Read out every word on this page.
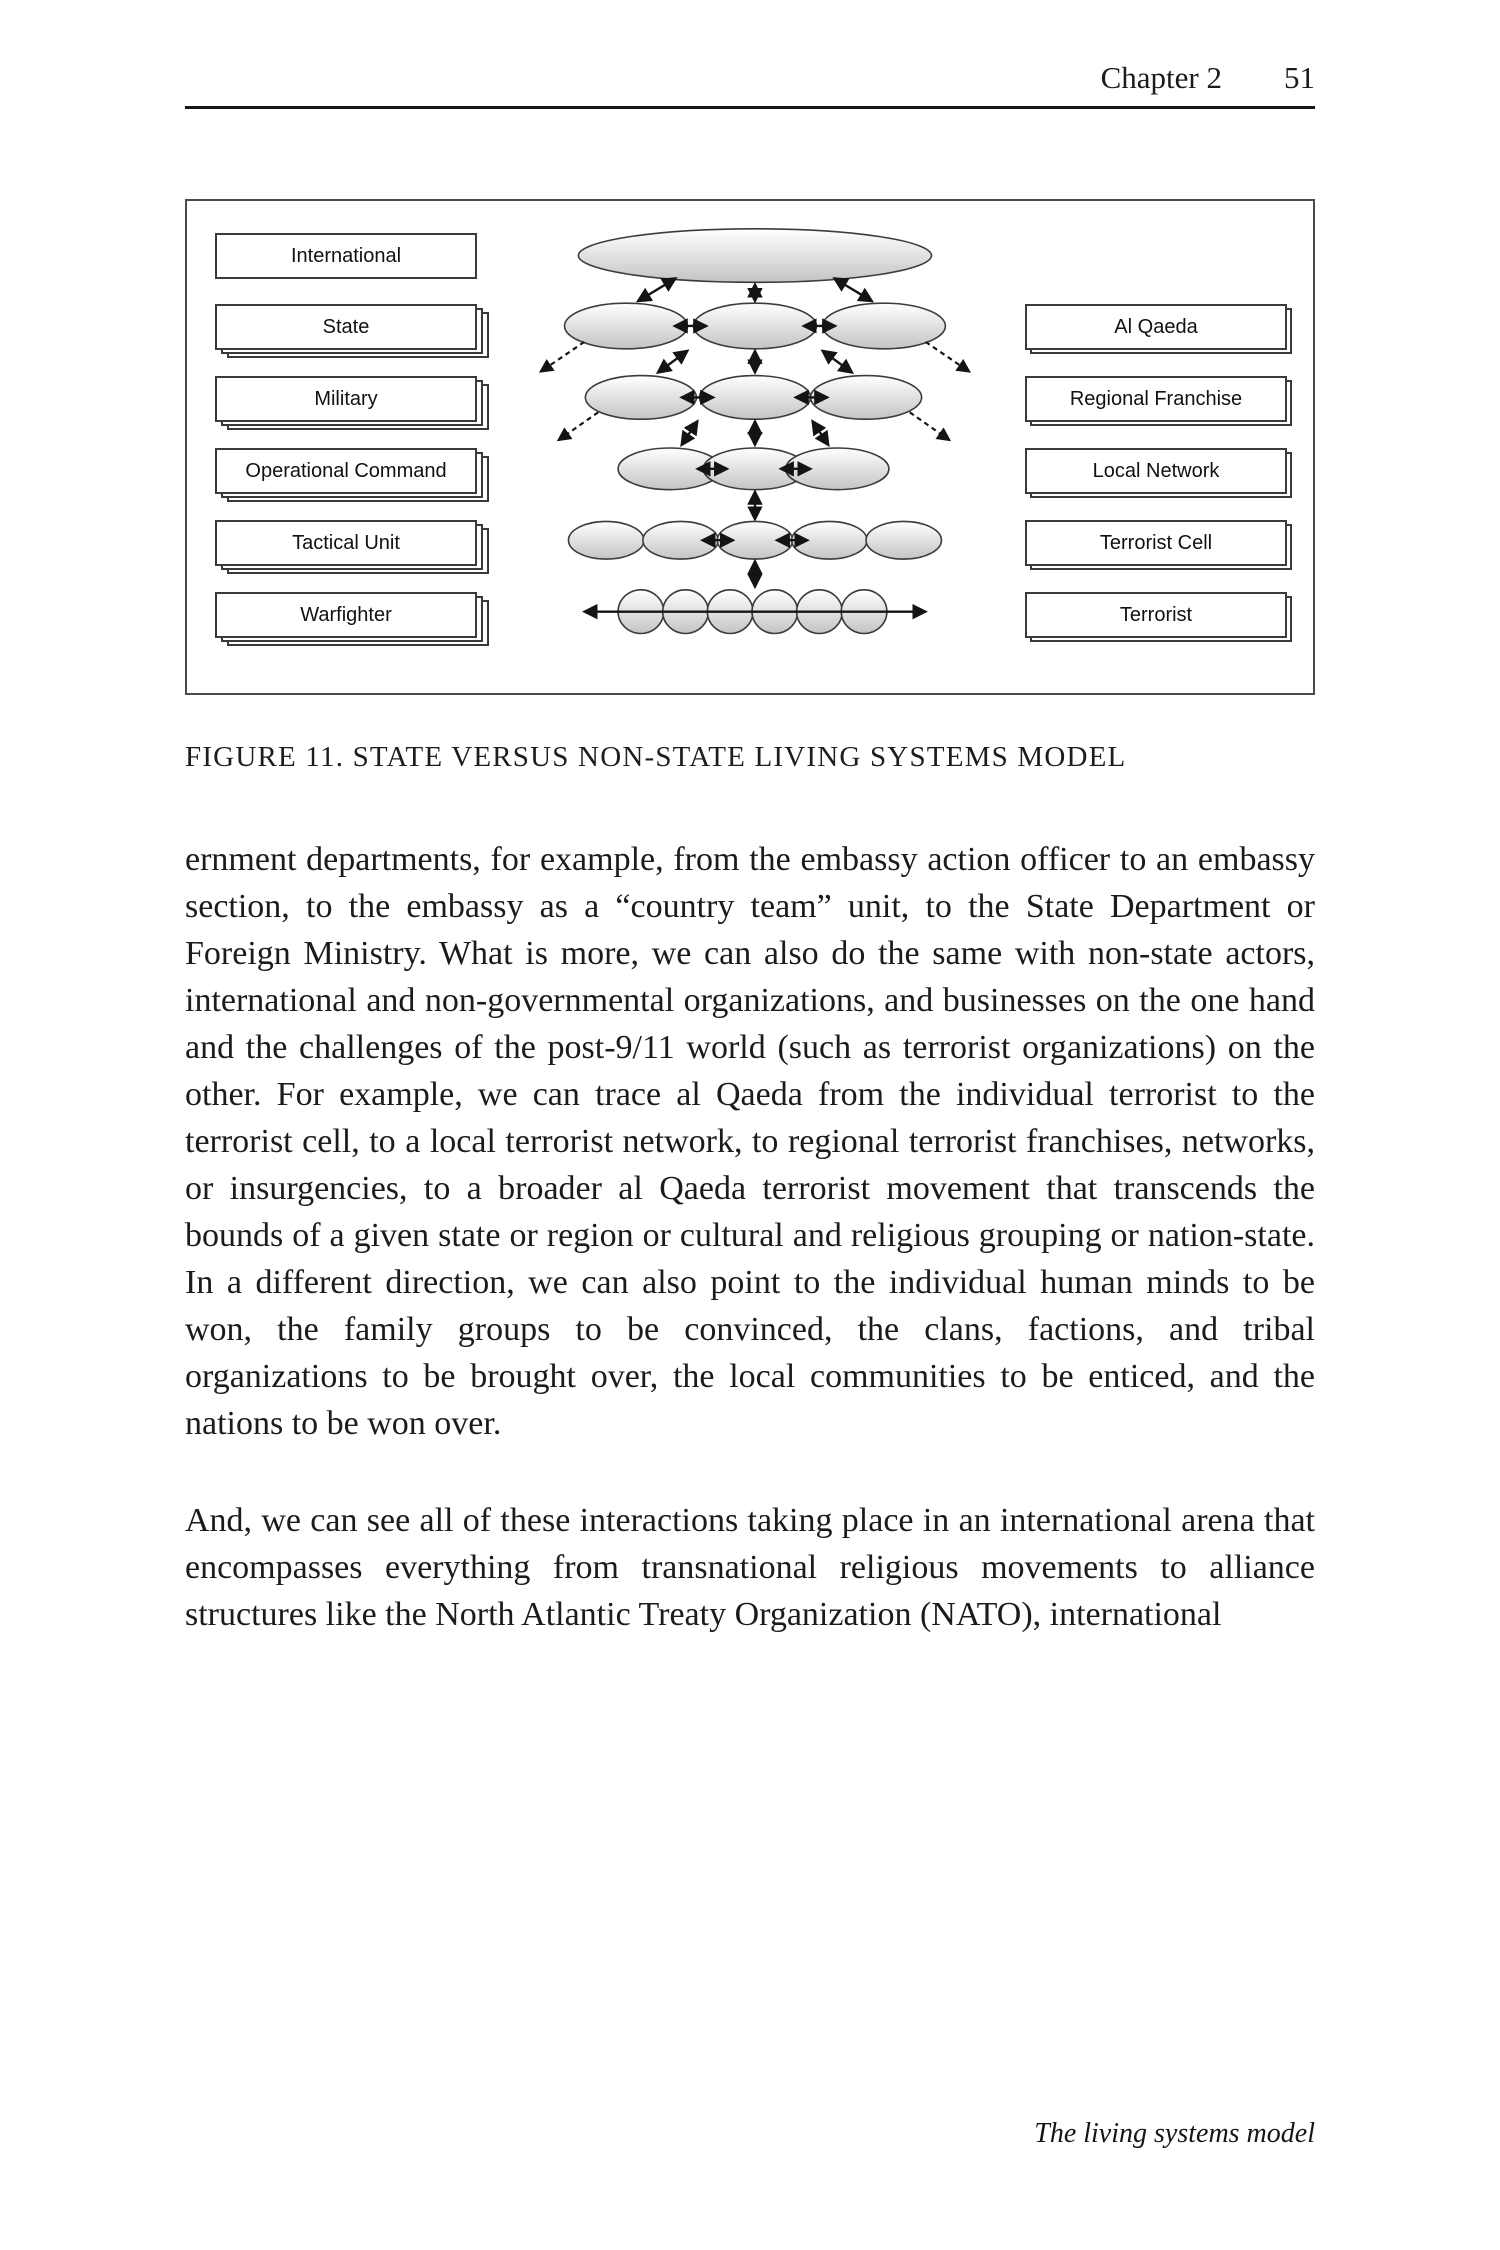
Chapter 2 51
International
State
Military
Operational Command
Tactical Unit
Warfighter
Al Qaeda
Regional Franchise
Local Network
Terrorist Cell
Terrorist
FIGURE 11. STATE VERSUS NON-STATE LIVING SYSTEMS MODEL

ernment departments, for example, from the embassy action officer to an embassy section, to the embassy as a “country team” unit, to the State Department or Foreign Ministry. What is more, we can also do the same with non-state actors, international and non-governmental organizations, and businesses on the one hand and the challenges of the post-9/11 world (such as terrorist organizations) on the other. For example, we can trace al Qaeda from the individual terrorist to the terrorist cell, to a local terrorist network, to regional terrorist franchises, networks, or insurgencies, to a broader al Qaeda terrorist movement that transcends the bounds of a given state or region or cultural and religious grouping or nation-state. In a different direction, we can also point to the individual human minds to be won, the family groups to be convinced, the clans, factions, and tribal organizations to be brought over, the local communities to be enticed, and the nations to be won over.

And, we can see all of these interactions taking place in an international arena that encompasses everything from transnational religious movements to alliance structures like the North Atlantic Treaty Organization (NATO), international

The living systems model
